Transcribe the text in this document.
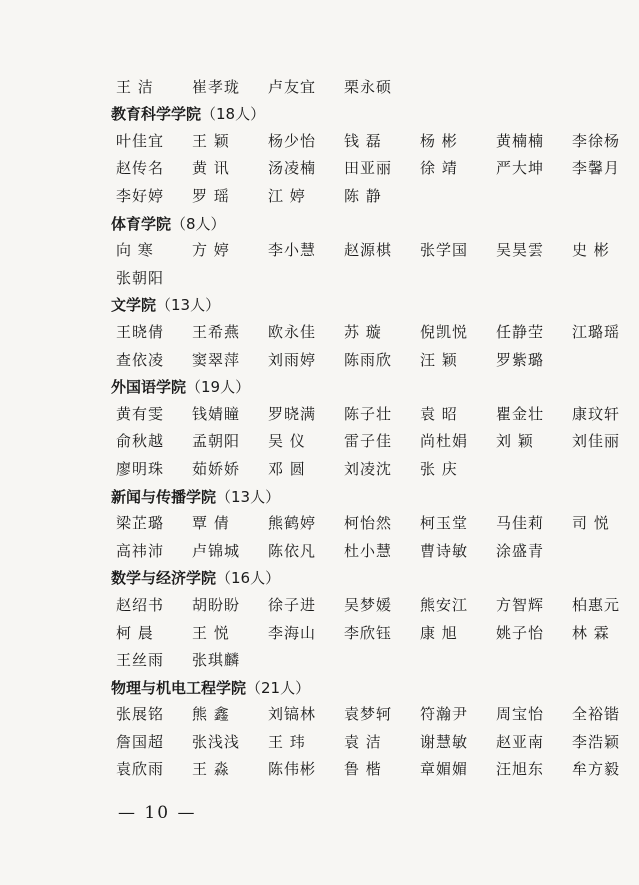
王 洁	崔孝珑	卢友宜	栗永硕
教育科学学院（18人）
叶佳宜	王 颖	杨少怡	钱 磊	杨 彬	黄楠楠	李徐杨
赵传名	黄 讯	汤凌楠	田亚丽	徐 靖	严大坤	李馨月
李好婷	罗 瑶	江 婷	陈 静
体育学院（8人）
向 寒	方 婷	李小慧	赵源棋	张学国	吴昊雲	史 彬
张朝阳
文学院（13人）
王晓倩	王希燕	欧永佳	苏 璇	倪凯悦	任静茔	江璐瑶
查依凌	窦翠萍	刘雨婷	陈雨欣	汪 颖	罗紫璐
外国语学院（19人）
黄有雯	钱婧瞳	罗晓满	陈子壮	袁 昭	瞿金壮	康玟轩
俞秋越	孟朝阳	吴 仪	雷子佳	尚杜娟	刘 颖	刘佳丽
廖明珠	茹娇娇	邓 圆	刘凌沈	张 庆
新闻与传播学院（13人）
梁芷璐	覃 倩	熊鹤婷	柯怡然	柯玉堂	马佳莉	司 悦
高祎沛	卢锦城	陈依凡	杜小慧	曹诗敏	涂盛青
数学与经济学院（16人）
赵绍书	胡盼盼	徐子进	吴梦媛	熊安江	方智辉	柏惠元
柯 晨	王 悦	李海山	李欣钰	康 旭	姚子怡	林 霖
王丝雨	张琪麟
物理与机电工程学院（21人）
张展铭	熊 鑫	刘镐林	袁梦轲	符瀚尹	周宝怡	全裕锴
詹国超	张浅浅	王 玮	袁 洁	谢慧敏	赵亚南	李浩颖
袁欣雨	王 淼	陈伟彬	鲁 楷	章媚媚	汪旭东	牟方毅
— 10 —
